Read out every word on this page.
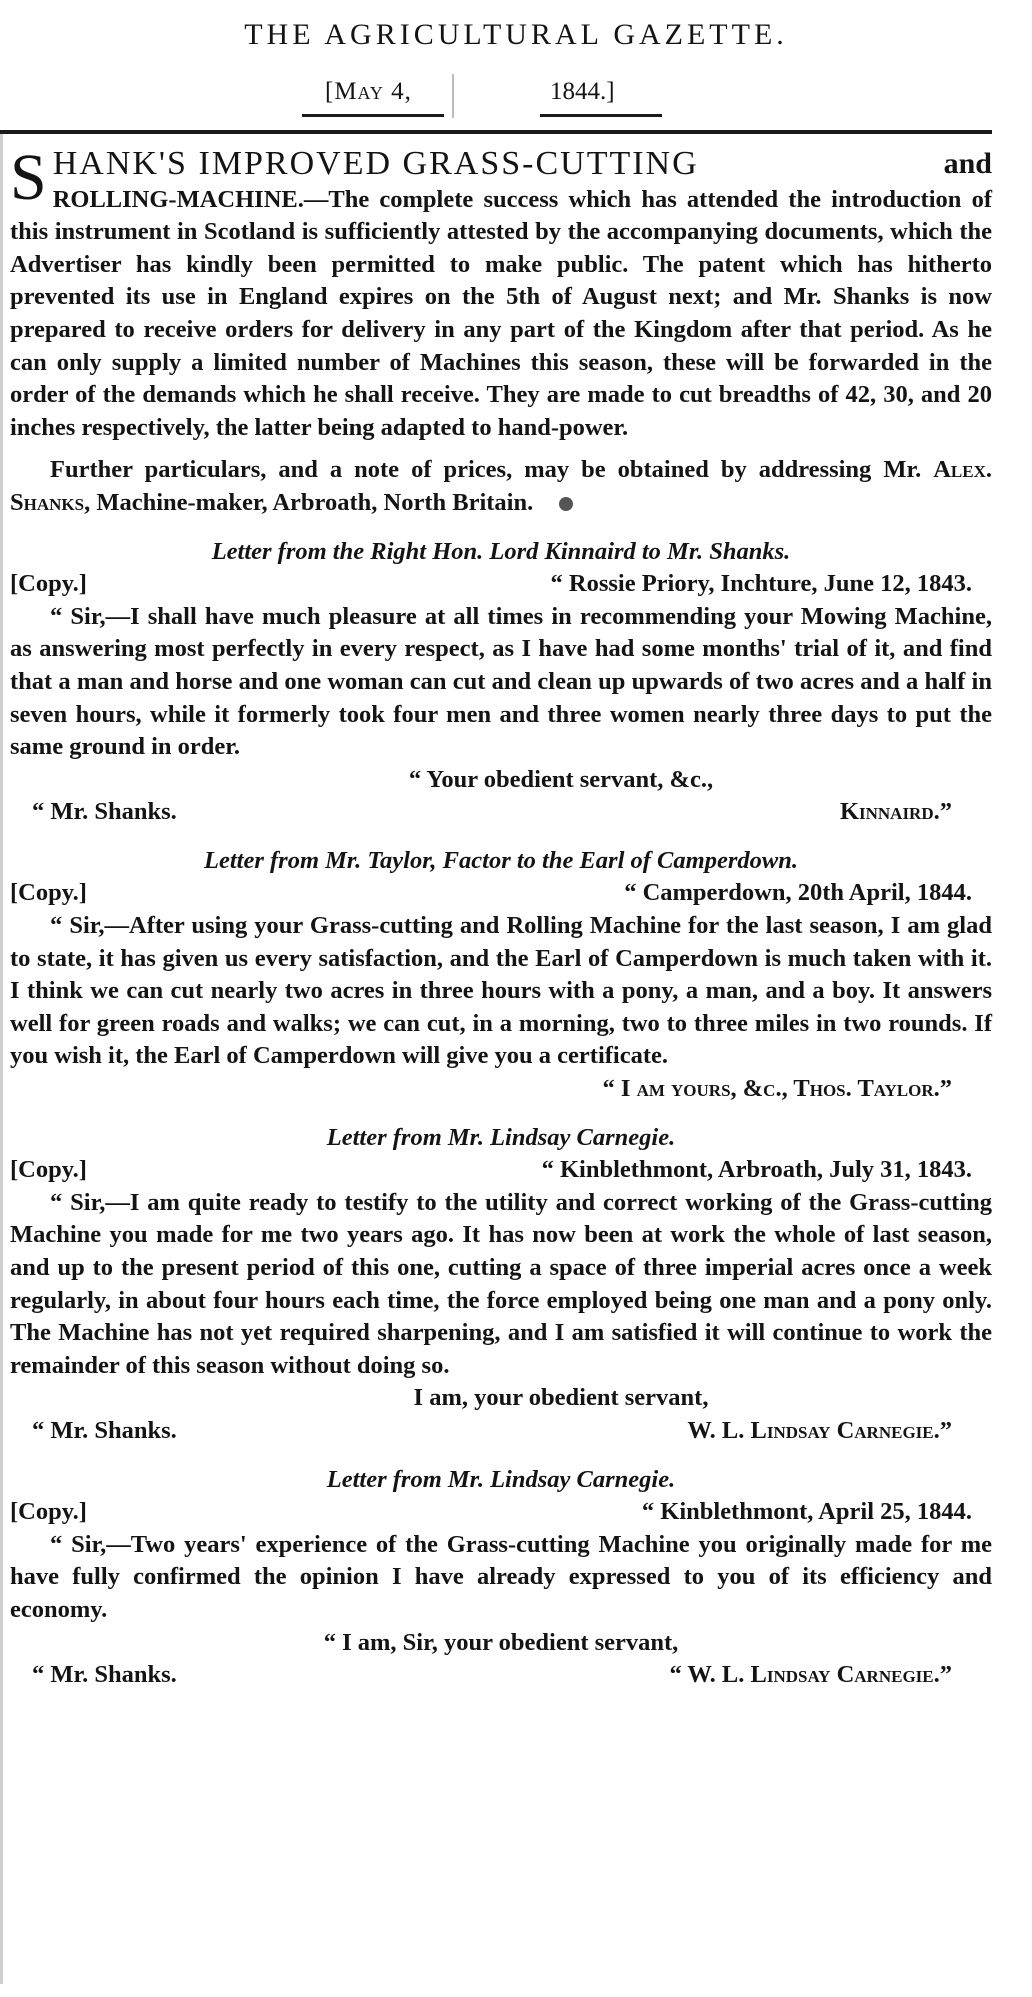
THE AGRICULTURAL GAZETTE.
[May 4,	1844.]
S HANK'S IMPROVED GRASS-CUTTING	and

ROLLING-MACHINE.—The complete success which has attended the introduction of this instrument in Scotland is sufficiently attested by the accompanying documents, which the Advertiser has kindly been permitted to make public. The patent which has hitherto prevented its use in England expires on the 5th of August next; and Mr. Shanks is now prepared to receive orders for delivery in any part of the Kingdom after that period. As he can only supply a limited number of Machines this season, these will be forwarded in the order of the demands which he shall receive. They are made to cut breadths of 42, 30, and 20 inches respectively, the latter being adapted to hand-power.

Further particulars, and a note of prices, may be obtained by addressing Mr. Alex. Shanks, Machine-maker, Arbroath, North Britain.

Letter from the Right Hon. Lord Kinnaird to Mr. Shanks.
[Copy.]	“ Rossie Priory, Inchture, June 12, 1843.

“ Sir,—I shall have much pleasure at all times in recommending your Mowing Machine, as answering most perfectly in every respect, as I have had some months' trial of it, and find that a man and horse and one woman can cut and clean up upwards of two acres and a half in seven hours, while it formerly took four men and three women nearly three days to put the same ground in order.

“ Your obedient servant, &c.,
“ Mr. Shanks.	Kinnaird.”
Letter from Mr. Taylor, Factor to the Earl of Camperdown.
[Copy.]	“ Camperdown, 20th April, 1844.

“ Sir,—After using your Grass-cutting and Rolling Machine for the last season, I am glad to state, it has given us every satisfaction, and the Earl of Camperdown is much taken with it. I think we can cut nearly two acres in three hours with a pony, a man, and a boy. It answers well for green roads and walks; we can cut, in a morning, two to three miles in two rounds. If you wish it, the Earl of Camperdown will give you a certificate.

“ I am yours, &c., Thos. Taylor.”
Letter from Mr. Lindsay Carnegie.
[Copy.]	“ Kinblethmont, Arbroath, July 31, 1843.

“ Sir,—I am quite ready to testify to the utility and correct working of the Grass-cutting Machine you made for me two years ago. It has now been at work the whole of last season, and up to the present period of this one, cutting a space of three imperial acres once a week regularly, in about four hours each time, the force employed being one man and a pony only. The Machine has not yet required sharpening, and I am satisfied it will continue to work the remainder of this season without doing so.

I am, your obedient servant,
“ Mr. Shanks.	W. L. Lindsay Carnegie.”
Letter from Mr. Lindsay Carnegie.
[Copy.]	“ Kinblethmont, April 25, 1844.

“ Sir,—Two years' experience of the Grass-cutting Machine you originally made for me have fully confirmed the opinion I have already expressed to you of its efficiency and economy.

“ I am, Sir, your obedient servant,
“ Mr. Shanks.	“ W. L. Lindsay Carnegie.”
